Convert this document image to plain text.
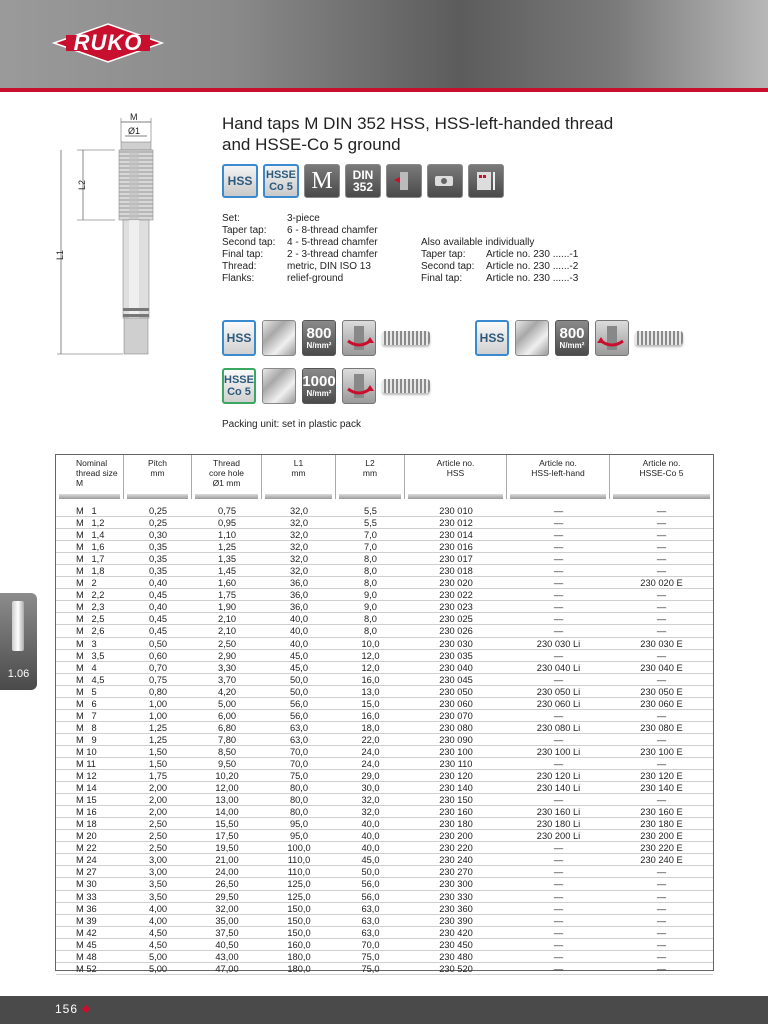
RUKO
M
Ø1
L2
L1
Hand taps M DIN 352 HSS, HSS-left-handed thread and HSSE-Co 5 ground
HSS	HSSE Co 5 M	DIN 352
Set:	3-piece
Taper tap:	6 - 8-thread chamfer
Second tap:	4 - 5-thread chamfer
Final tap:	2 - 3-thread chamfer
Thread:	metric, DIN ISO 13
Flanks:	relief-ground
Also available individually
Taper tap:	Article no. 230 ......-1
Second tap:	Article no. 230 ......-2
Final tap:	Article no. 230 ......-3
HSS	800
N/mm²
HSS	800
N/mm²
HSSE Co 5
1000
N/mm²
Packing unit: set in plastic pack
Nominal
thread size
M
Pitch
mm
Thread
core hole
Ø1 mm
L1
mm
L2
mm
Article no.
HSS
Article no.
HSS-left-hand
Article no.
HSSE-Co 5
M   1	0,25	0,75	32,0	5,5	230 010	—	—
M   1,2	0,25	0,95	32,0	5,5	230 012	—	—
M   1,4	0,30	1,10	32,0	7,0	230 014	—	—
M   1,6	0,35	1,25	32,0	7,0	230 016	—	—
M   1,7	0,35	1,35	32,0	8,0	230 017	—	—
M   1,8	0,35	1,45	32,0	8,0	230 018	—	—
M   2	0,40	1,60	36,0	8,0	230 020	—	230 020 E
M   2,2	0,45	1,75	36,0	9,0	230 022	—	—
M   2,3	0,40	1,90	36,0	9,0	230 023	—	—
M   2,5	0,45	2,10	40,0	8,0	230 025	—	—
M   2,6	0,45	2,10	40,0	8,0	230 026	—	—
M   3	0,50	2,50	40,0	10,0	230 030	230 030 Li	230 030 E
M   3,5	0,60	2,90	45,0	12,0	230 035	—	—
M   4	0,70	3,30	45,0	12,0	230 040	230 040 Li	230 040 E
M   4,5	0,75	3,70	50,0	16,0	230 045	—	—
M   5	0,80	4,20	50,0	13,0	230 050	230 050 Li	230 050 E
M   6	1,00	5,00	56,0	15,0	230 060	230 060 Li	230 060 E
M   7	1,00	6,00	56,0	16,0	230 070	—	—
M   8	1,25	6,80	63,0	18,0	230 080	230 080 Li	230 080 E
M   9	1,25	7,80	63,0	22,0	230 090	—	—
M 10	1,50	8,50	70,0	24,0	230 100	230 100 Li	230 100 E
M 11	1,50	9,50	70,0	24,0	230 110	—	—
M 12	1,75	10,20	75,0	29,0	230 120	230 120 Li	230 120 E
M 14	2,00	12,00	80,0	30,0	230 140	230 140 Li	230 140 E
M 15	2,00	13,00	80,0	32,0	230 150	—	—
M 16	2,00	14,00	80,0	32,0	230 160	230 160 Li	230 160 E
M 18	2,50	15,50	95,0	40,0	230 180	230 180 Li	230 180 E
M 20	2,50	17,50	95,0	40,0	230 200	230 200 Li	230 200 E
M 22	2,50	19,50	100,0	40,0	230 220	—	230 220 E
M 24	3,00	21,00	110,0	45,0	230 240	—	230 240 E
M 27	3,00	24,00	110,0	50,0	230 270	—	—
M 30	3,50	26,50	125,0	56,0	230 300	—	—
M 33	3,50	29,50	125,0	56,0	230 330	—	—
M 36	4,00	32,00	150,0	63,0	230 360	—	—
M 39	4,00	35,00	150,0	63,0	230 390	—	—
M 42	4,50	37,50	150,0	63,0	230 420	—	—
M 45	4,50	40,50	160,0	70,0	230 450	—	—
M 48	5,00	43,00	180,0	75,0	230 480	—	—
M 52	5,00	47,00	180,0	75,0	230 520	—	—
1.06
156
